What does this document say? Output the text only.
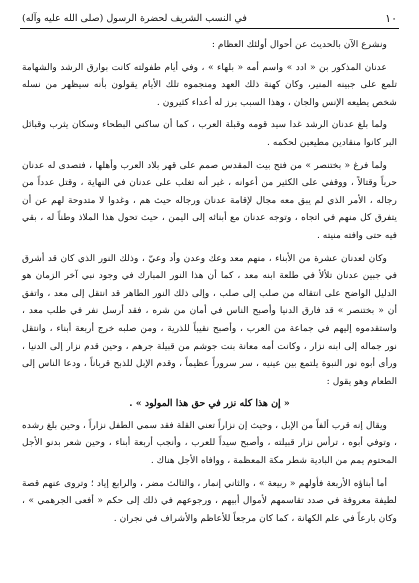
في النسب الشريف لحضرة الرسول (صلى الله عليه وآله)	١٠

ونشرع الآن بالحديث عن أحوال أولئك العظام :

عدنان المذكور بن « ادد » واسم أمه « بلهاء » ، وفي أيام طفولته كانت بوارق الرشد والشهامة تلمع على جبينه المنير، وكان كهنة ذلك العهد ومنجموه تلك الأيام يقولون بأنه سيظهر من نسله شخص يطيعه الإنس والجان ، وهذا السبب برز له أعداء كثيرون .

ولما بلغ عدنان الرشد غدا سيد قومه وقبلة العرب ، كما أن ساكني البطحاء وسكان يثرب وقبائل البر كانوا منقادين مطيعين لحكمه .

ولما فرغ « بختنصر » من فتح بيت المقدس صمم على قهر بلاد العرب وأهلها ، فتصدى له عدنان حرباً وقتالاً ، ووقفي على الكثير من أعوانه ، غير أنه تغلب على عدنان في النهاية ، وقتل عدداً من رجاله ، الأمر الذي لم يبق معه مجال لإقامة عدنان ورجاله حيث هم ، وغدوا لا متدوحة لهم عن أن يتفرق كل منهم في اتجاه ، وتوجه عدنان مع أبنائه إلى اليمن ، حيث تحول هذا الملاذ وطناً له ، بقي فيه حتى وافته منيته .

وكان لعدنان عشرة من الأبناء ، منهم معد وعك وعدن وأد وعيّ ، وذلك النور الذي كان قد أشرق في جبين عدنان تلألأ في طلعة ابنه معد ، كما أن هذا النور المبارك في وجود نبي آخر الزمان هو الدليل الواضح على انتقاله من صلب إلى صلب ، وإلى ذلك النور الطاهر قد انتقل إلى معد ، واتفق أن « بختنصر » قد فارق الدنيا وأصبح الناس في أمان من شره ، فقد أرسل نفر في طلب معد ، واستقدموه إليهم في جماعة من العرب ، وأصبح نقيباً للذرية ، ومن صلبه خرج أربعة أبناء ، وانتقل نور جماله إلى ابنه نزار ، وكانت أمه معانة بنت جوشم من قبيلة جرهم ، وحين قدم نزار إلى الدنيا ، ورأى أبوه نور النبوة يلتمع بين عينيه ، سر سروراً عظيماً ، وقدم الإبل للذبح قرباناً ، ودعا الناس إلى الطعام وهو يقول :

« إن هذا كله نزر في حق هذا المولود » .

ويقال إنه قرب ألفاً من الإبل ، وحيث إن نزاراً تعني القلة فقد سمي الطفل نزاراً ، وحين بلغ رشده ، وتوفي أبوه ، ترأس نزار قبيلته ، وأصبح سيداً للعرب ، وأنجب أربعة أبناء ، وحين شعر بدنو الأجل المحتوم يمم من البادية شطر مكة المعظمة ، ووافاه الأجل هناك .

أما أبناؤه الأربعة فأولهم « ربيعة » ، والثاني إنمار ، والثالث مضر ، والرابع إياد ؛ وتروى عنهم قصة لطيفة معروفة في صدد تقاسمهم لأموال أبيهم ، ورجوعهم في ذلك إلى حكم « أفعى الجرهمي » ، وكان بارعاً في علم الكهانة ، كما كان مرجعاً للأعاظم والأشراف في نجران .
